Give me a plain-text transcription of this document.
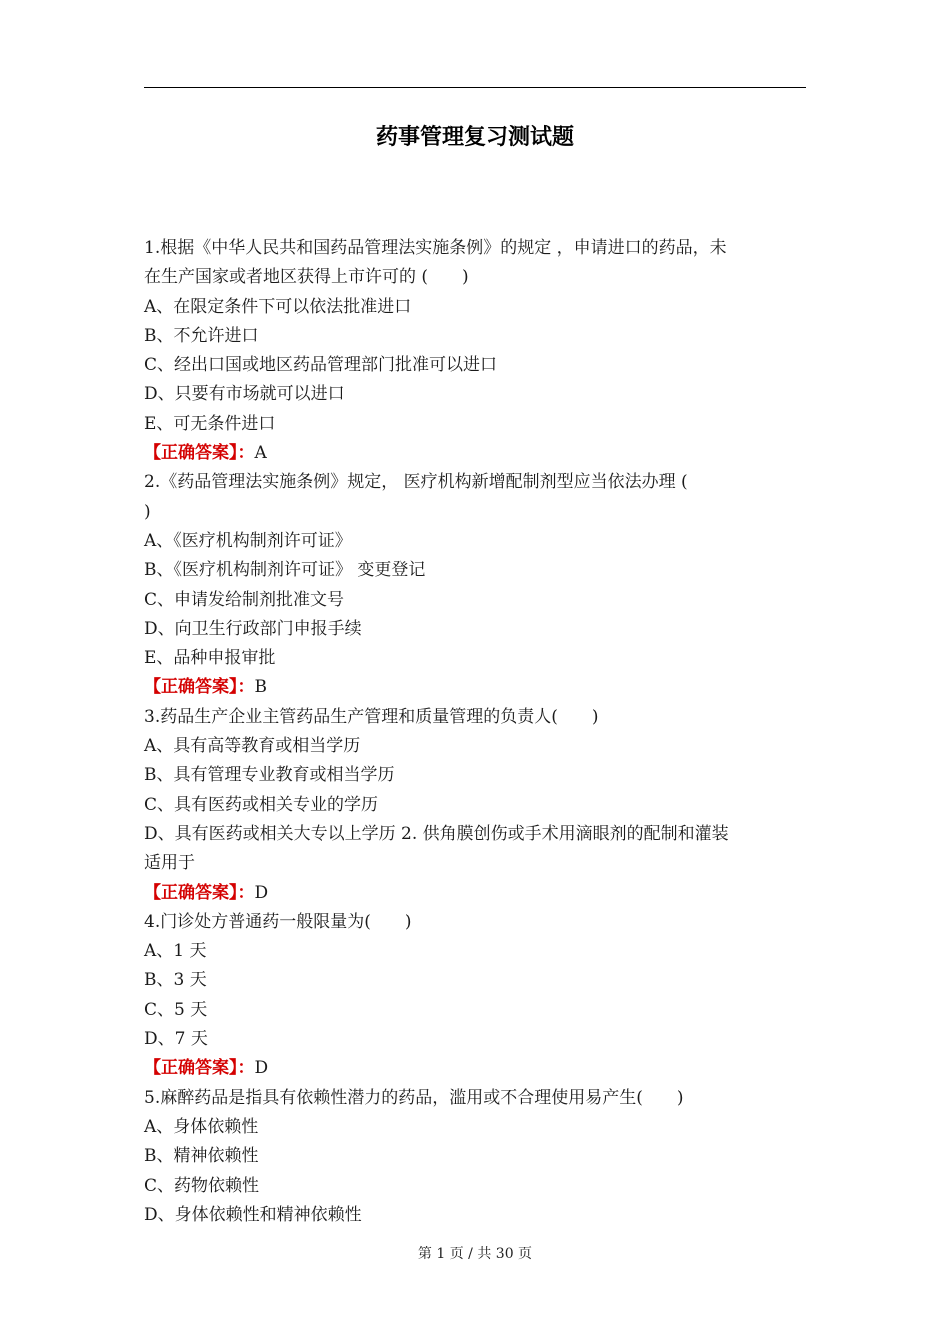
药事管理复习测试题
1.根据《中华人民共和国药品管理法实施条例》的规定 ，申请进口的药品，未
在生产国家或者地区获得上市许可的 (　　)
A、在限定条件下可以依法批准进口
B、不允许进口
C、经出口国或地区药品管理部门批准可以进口
D、只要有市场就可以进口
E、可无条件进口
【正确答案】：A
2.《药品管理法实施条例》规定， 医疗机构新增配制剂型应当依法办理 (
)
A、《医疗机构制剂许可证》
B、《医疗机构制剂许可证》 变更登记
C、申请发给制剂批准文号
D、向卫生行政部门申报手续
E、品种申报审批
【正确答案】：B
3.药品生产企业主管药品生产管理和质量管理的负责人(　　)
A、具有高等教育或相当学历
B、具有管理专业教育或相当学历
C、具有医药或相关专业的学历
D、具有医药或相关大专以上学历 2. 供角膜创伤或手术用滴眼剂的配制和灌装
适用于
【正确答案】：D
4.门诊处方普通药一般限量为(　　)
A、1 天
B、3 天
C、5 天
D、7 天
【正确答案】：D
5.麻醉药品是指具有依赖性潜力的药品，滥用或不合理使用易产生(　　)
A、身体依赖性
B、精神依赖性
C、药物依赖性
D、身体依赖性和精神依赖性
第 1 页 / 共 30 页
